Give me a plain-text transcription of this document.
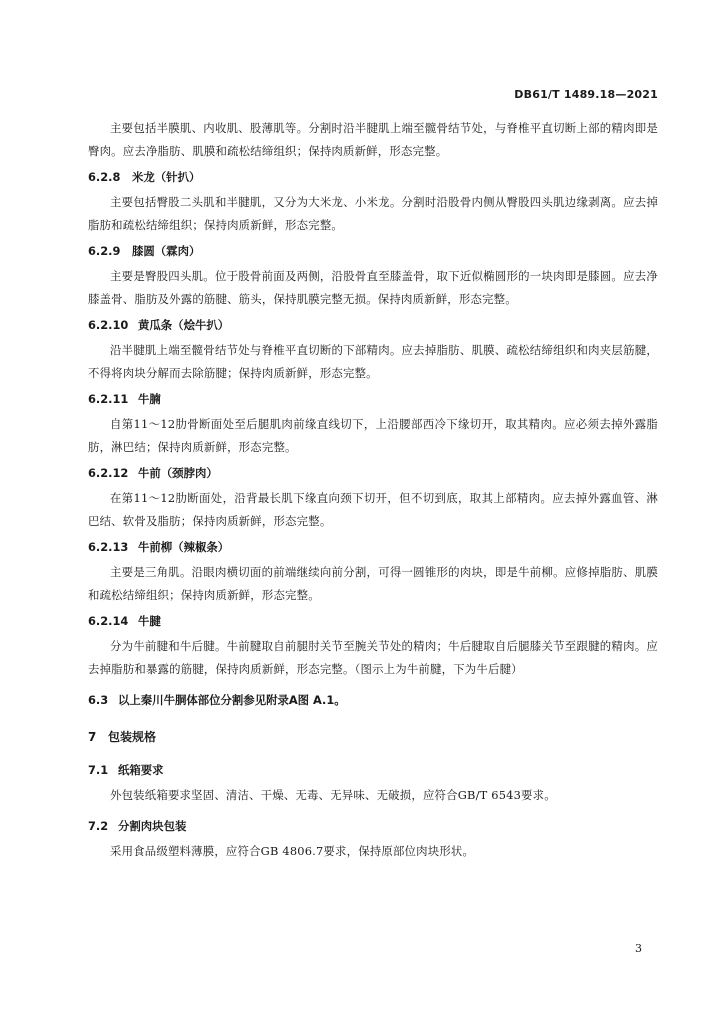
DB61/T 1489.18—2021

主要包括半膜肌、内收肌、股薄肌等。分割时沿半腱肌上端至髋骨结节处，与脊椎平直切断上部的精肉即是臀肉。应去净脂肪、肌膜和疏松结缔组织；保持肉质新鲜，形态完整。

6.2.8 米龙（针扒）

主要包括臀股二头肌和半腱肌，又分为大米龙、小米龙。分割时沿股骨内侧从臀股四头肌边缘剥离。应去掉脂肪和疏松结缔组织；保持肉质新鲜，形态完整。

6.2.9 膝圆（霖肉）

主要是臀股四头肌。位于股骨前面及两侧，沿股骨直至膝盖骨，取下近似椭圆形的一块肉即是膝圆。应去净膝盖骨、脂肪及外露的筋腱、筋头，保持肌膜完整无损。保持肉质新鲜，形态完整。

6.2.10 黄瓜条（烩牛扒）

沿半腱肌上端至髋骨结节处与脊椎平直切断的下部精肉。应去掉脂肪、肌膜、疏松结缔组织和肉夹层筋腱，不得将肉块分解而去除筋腱；保持肉质新鲜，形态完整。

6.2.11 牛腩

自第11～12肋骨断面处至后腿肌肉前缘直线切下，上沿腰部西冷下缘切开，取其精肉。应必须去掉外露脂肪，淋巴结；保持肉质新鲜，形态完整。

6.2.12 牛前（颈脖肉）

在第11～12肋断面处，沿背最长肌下缘直向颈下切开，但不切到底，取其上部精肉。应去掉外露血管、淋巴结、软骨及脂肪；保持肉质新鲜，形态完整。

6.2.13 牛前柳（辣椒条）

主要是三角肌。沿眼肉横切面的前端继续向前分割，可得一圆锥形的肉块，即是牛前柳。应修掉脂肪、肌膜和疏松结缔组织；保持肉质新鲜，形态完整。

6.2.14 牛腱

分为牛前腱和牛后腱。牛前腱取自前腿肘关节至腕关节处的精肉；牛后腱取自后腿膝关节至跟腱的精肉。应去掉脂肪和暴露的筋腱，保持肉质新鲜，形态完整。（图示上为牛前腱，下为牛后腱）

6.3 以上秦川牛胴体部位分割参见附录A图 A.1。
7 包装规格
7.1 纸箱要求

外包装纸箱要求坚固、清洁、干燥、无毒、无异味、无破损，应符合GB/T 6543要求。

7.2 分割肉块包装

采用食品级塑料薄膜，应符合GB 4806.7要求，保持原部位肉块形状。

3
